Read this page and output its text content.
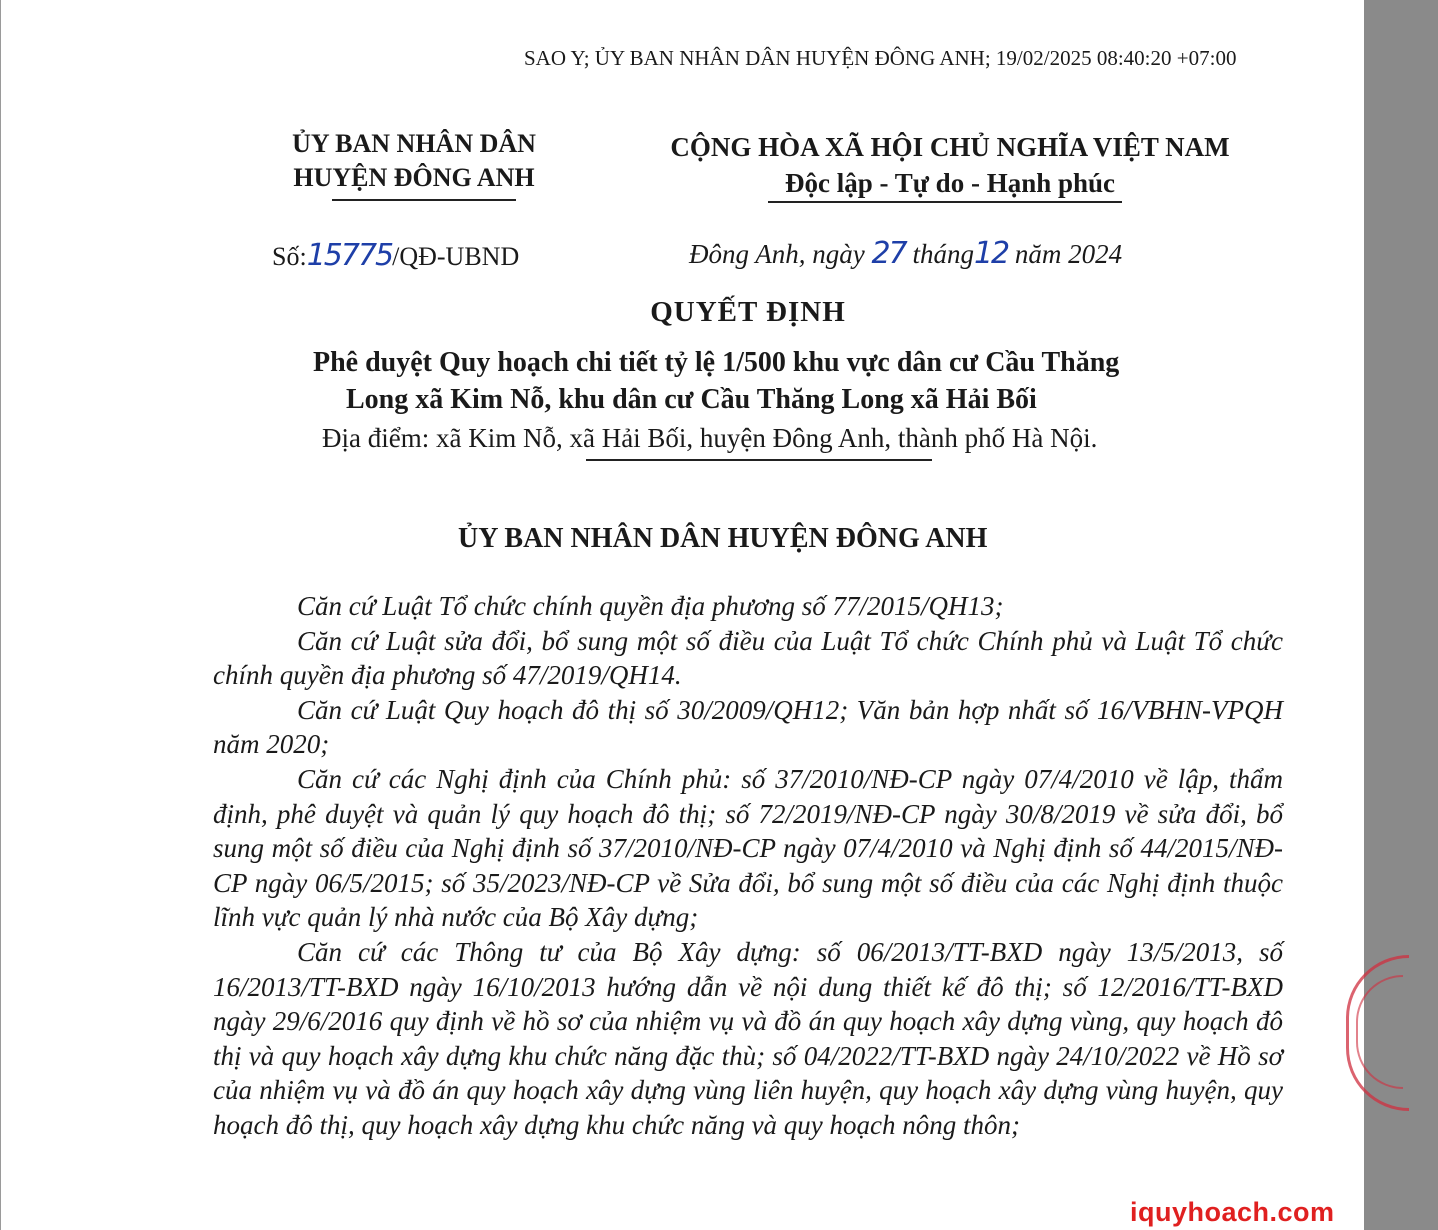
SAO Y; ỦY BAN NHÂN DÂN HUYỆN ĐÔNG ANH; 19/02/2025 08:40:20 +07:00
ỦY BAN NHÂN DÂN
HUYỆN ĐÔNG ANH
CỘNG HÒA XÃ HỘI CHỦ NGHĨA VIỆT NAM
Độc lập - Tự do - Hạnh phúc
Số:15775/QĐ-UBND	Đông Anh, ngày 27 tháng12 năm 2024
QUYẾT ĐỊNH
Phê duyệt Quy hoạch chi tiết tỷ lệ 1/500 khu vực dân cư Cầu Thăng
Long xã Kim Nỗ, khu dân cư Cầu Thăng Long xã Hải Bối
Địa điểm: xã Kim Nỗ, xã Hải Bối, huyện Đông Anh, thành phố Hà Nội.
ỦY BAN NHÂN DÂN HUYỆN ĐÔNG ANH

Căn cứ Luật Tổ chức chính quyền địa phương số 77/2015/QH13;

Căn cứ Luật sửa đổi, bổ sung một số điều của Luật Tổ chức Chính phủ và Luật Tổ chức chính quyền địa phương số 47/2019/QH14.

Căn cứ Luật Quy hoạch đô thị số 30/2009/QH12; Văn bản hợp nhất số 16/VBHN-VPQH năm 2020;

Căn cứ các Nghị định của Chính phủ: số 37/2010/NĐ-CP ngày 07/4/2010 về lập, thẩm định, phê duyệt và quản lý quy hoạch đô thị; số 72/2019/NĐ-CP ngày 30/8/2019 về sửa đổi, bổ sung một số điều của Nghị định số 37/2010/NĐ-CP ngày 07/4/2010 và Nghị định số 44/2015/NĐ-CP ngày 06/5/2015; số 35/2023/NĐ-CP về Sửa đổi, bổ sung một số điều của các Nghị định thuộc lĩnh vực quản lý nhà nước của Bộ Xây dựng;

Căn cứ các Thông tư của Bộ Xây dựng: số 06/2013/TT-BXD ngày 13/5/2013, số 16/2013/TT-BXD ngày 16/10/2013 hướng dẫn về nội dung thiết kế đô thị; số 12/2016/TT-BXD ngày 29/6/2016 quy định về hồ sơ của nhiệm vụ và đồ án quy hoạch xây dựng vùng, quy hoạch đô thị và quy hoạch xây dựng khu chức năng đặc thù; số 04/2022/TT-BXD ngày 24/10/2022 về Hồ sơ của nhiệm vụ và đồ án quy hoạch xây dựng vùng liên huyện, quy hoạch xây dựng vùng huyện, quy hoạch đô thị, quy hoạch xây dựng khu chức năng và quy hoạch nông thôn;

iquyhoach.com
